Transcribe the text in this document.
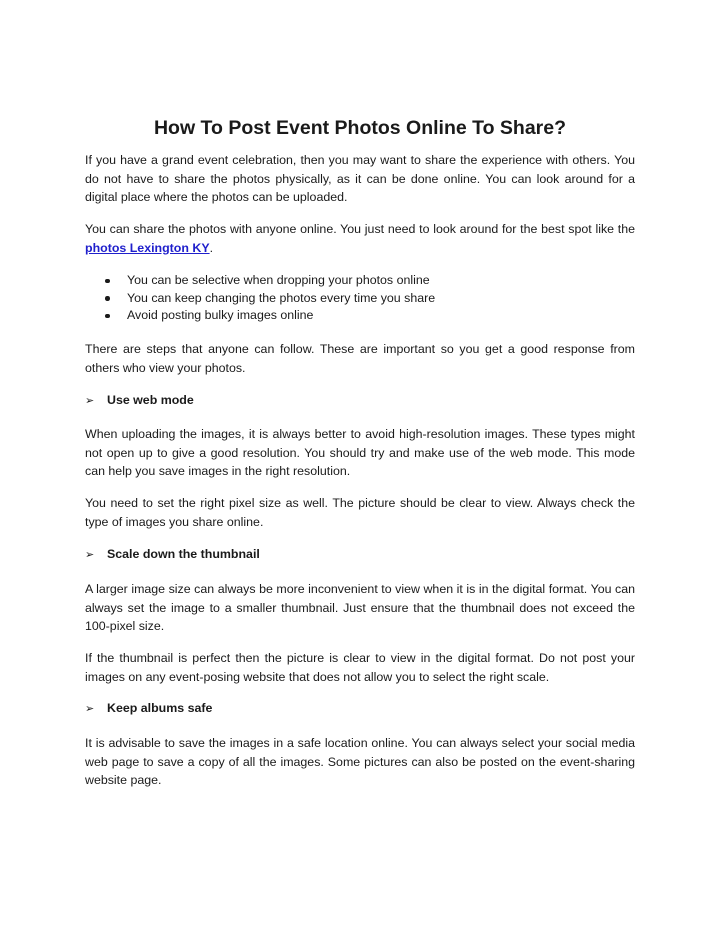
How To Post Event Photos Online To Share?

If you have a grand event celebration, then you may want to share the experience with others. You do not have to share the photos physically, as it can be done online. You can look around for a digital place where the photos can be uploaded.

You can share the photos with anyone online. You just need to look around for the best spot like the photos Lexington KY.

You can be selective when dropping your photos online
You can keep changing the photos every time you share
Avoid posting bulky images online

There are steps that anyone can follow. These are important so you get a good response from others who view your photos.

➢ Use web mode

When uploading the images, it is always better to avoid high-resolution images. These types might not open up to give a good resolution. You should try and make use of the web mode. This mode can help you save images in the right resolution.

You need to set the right pixel size as well. The picture should be clear to view. Always check the type of images you share online.

➢ Scale down the thumbnail

A larger image size can always be more inconvenient to view when it is in the digital format. You can always set the image to a smaller thumbnail. Just ensure that the thumbnail does not exceed the 100-pixel size.

If the thumbnail is perfect then the picture is clear to view in the digital format. Do not post your images on any event-posing website that does not allow you to select the right scale.

➢ Keep albums safe

It is advisable to save the images in a safe location online. You can always select your social media web page to save a copy of all the images. Some pictures can also be posted on the event-sharing website page.
